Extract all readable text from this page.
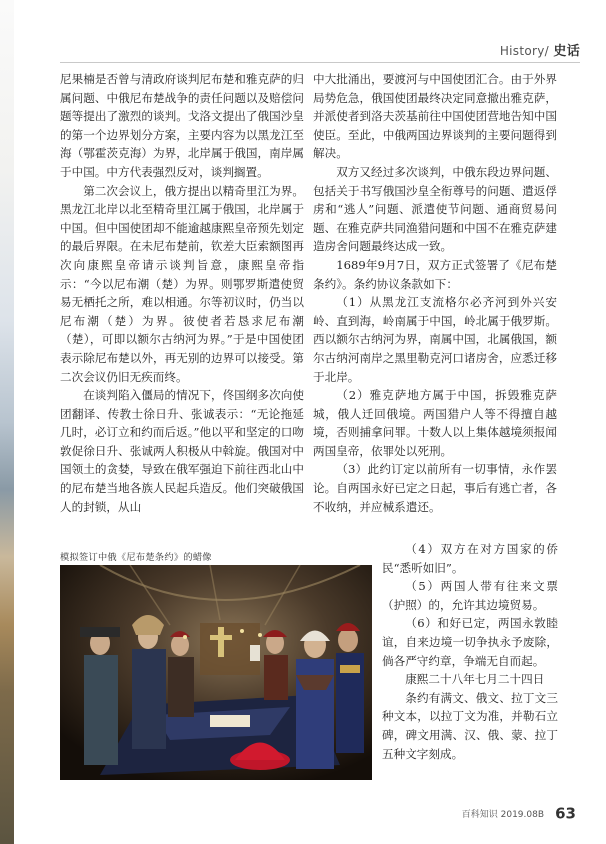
History/ 史话

尼果楠是否曾与清政府谈判尼布楚和雅克萨的归属问题、中俄尼布楚战争的责任问题以及赔偿问题等提出了激烈的谈判。戈洛文提出了俄国沙皇的第一个边界划分方案，主要内容为以黑龙江至海（鄂霍茨克海）为界，北岸属于俄国，南岸属于中国。中方代表强烈反对，谈判搁置。

第二次会议上，俄方提出以精奇里江为界。黑龙江北岸以北至精奇里江属于俄国，北岸属于中国。但中国使团却不能逾越康熙皇帝预先划定的最后界限。在未尼布楚前，钦差大臣索额图再次向康熙皇帝请示谈判旨意，康熙皇帝指示：“今以尼布潮（楚）为界。则鄂罗斯遣使贸易无栖托之所，难以相通。尔等初议时，仍当以尼布潮（楚）为界。彼使者若恳求尼布潮（楚），可即以额尔古纳河为界。”于是中国使团表示除尼布楚以外，再无别的边界可以接受。第二次会议仍旧无疾而终。

在谈判陷入僵局的情况下，佟国纲多次向使团翻译、传教士徐日升、张诚表示：“无论拖延几时，必订立和约而后返。”他以平和坚定的口吻敦促徐日升、张诚两人积极从中斡旋。俄国对中国领土的贪婪，导致在俄军强迫下前往西北山中的尼布楚当地各族人民起兵造反。他们突破俄国人的封锁，从山

中大批涌出，要渡河与中国使团汇合。由于外界局势危急，俄国使团最终决定同意撤出雅克萨，并派使者到洛夫茨基前往中国使团营地告知中国使臣。至此，中俄两国边界谈判的主要问题得到解决。

双方又经过多次谈判，中俄东段边界问题、包括关于书写俄国沙皇全衔尊号的问题、遣返俘虏和“逃人”问题、派遣使节问题、通商贸易问题、在雅克萨共同渔猎问题和中国不在雅克萨建造房舍问题最终达成一致。

1689年9月7日，双方正式签署了《尼布楚条约》。条约协议条款如下：

（1）从黑龙江支流格尔必齐河到外兴安岭、直到海，岭南属于中国，岭北属于俄罗斯。西以额尔古纳河为界，南属中国，北属俄国，额尔古纳河南岸之黑里勒克河口诸房舍，应悉迁移于北岸。

（2）雅克萨地方属于中国，拆毁雅克萨城，俄人迁回俄境。两国猎户人等不得擅自越境，否则捕拿问罪。十数人以上集体越境须报闻两国皇帝，依罪处以死刑。

（3）此约订定以前所有一切事情，永作罢论。自两国永好已定之日起，事后有逃亡者，各不收纳，并应械系遣还。

（4）双方在对方国家的侨民“悉听如旧”。

（5）两国人带有往来文票（护照）的，允许其边境贸易。

（6）和好已定，两国永敦睦谊，自来边境一切争执永予废除，倘各严守约章，争端无自而起。

康熙二十八年七月二十四日

条约有满文、俄文、拉丁文三种文本，以拉丁文为准，并勒石立碑，碑文用满、汉、俄、蒙、拉丁五种文字刻成。

模拟签订中俄《尼布楚条约》的蜡像
百科知识 2019.08B 63
